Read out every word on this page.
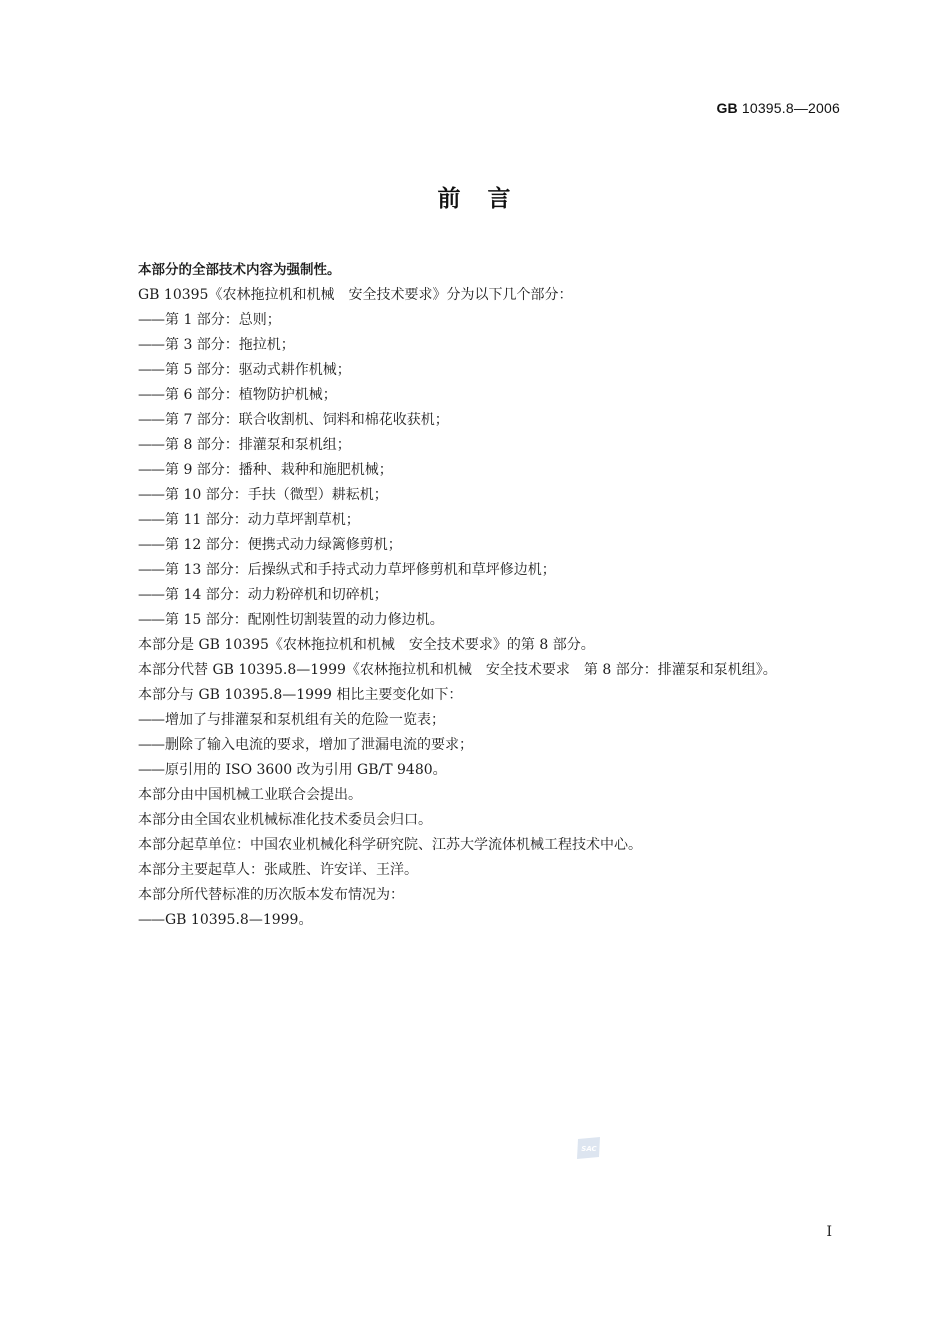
GB 10395.8—2006
前　言

本部分的全部技术内容为强制性。

GB 10395《农林拖拉机和机械　安全技术要求》分为以下几个部分：

—— 第 1 部分：总则；

—— 第 3 部分：拖拉机；

—— 第 5 部分：驱动式耕作机械；

—— 第 6 部分：植物防护机械；

—— 第 7 部分：联合收割机、饲料和棉花收获机；

—— 第 8 部分：排灌泵和泵机组；

—— 第 9 部分：播种、栽种和施肥机械；

—— 第 10 部分：手扶（微型）耕耘机；

—— 第 11 部分：动力草坪割草机；

—— 第 12 部分：便携式动力绿篱修剪机；

—— 第 13 部分：后操纵式和手持式动力草坪修剪机和草坪修边机；

—— 第 14 部分：动力粉碎机和切碎机；

—— 第 15 部分：配刚性切割装置的动力修边机。

本部分是 GB 10395《农林拖拉机和机械　安全技术要求》的第 8 部分。

本部分代替 GB 10395.8—1999《农林拖拉机和机械　安全技术要求　第 8 部分：排灌泵和泵机组》。

本部分与 GB 10395.8—1999 相比主要变化如下：

—— 增加了与排灌泵和泵机组有关的危险一览表；

—— 删除了输入电流的要求，增加了泄漏电流的要求；

—— 原引用的 ISO 3600 改为引用 GB/T 9480。

本部分由中国机械工业联合会提出。

本部分由全国农业机械标准化技术委员会归口。

本部分起草单位：中国农业机械化科学研究院、江苏大学流体机械工程技术中心。

本部分主要起草人：张咸胜、许安详、王洋。

本部分所代替标准的历次版本发布情况为：

—— GB 10395.8—1999。

SAC
I
